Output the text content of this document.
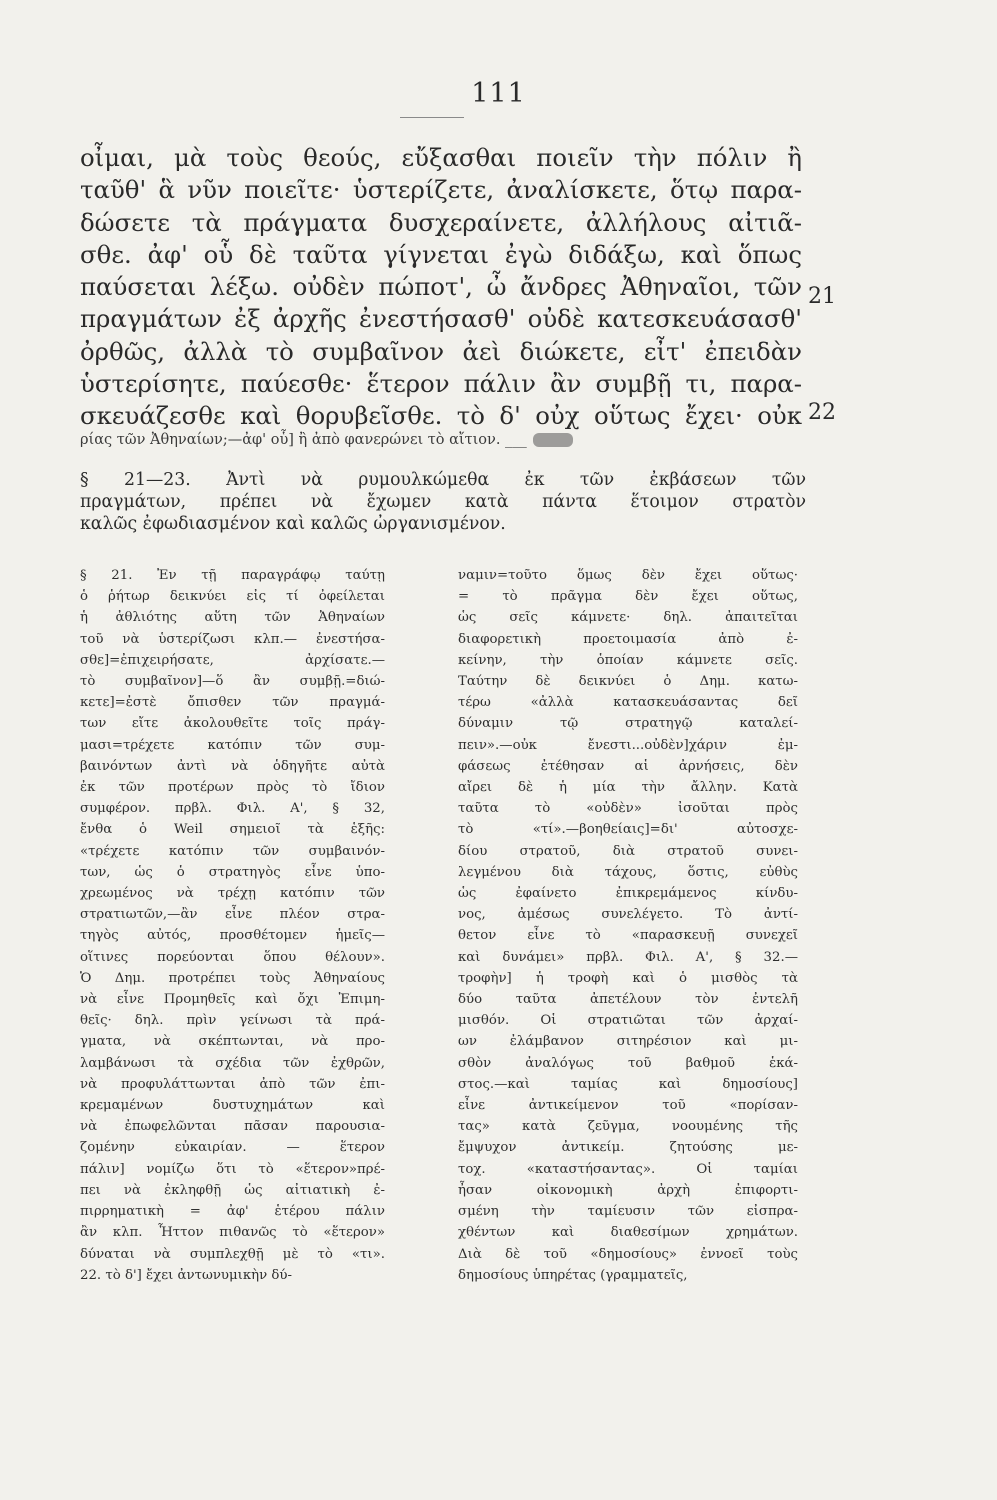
111
οἶμαι, μὰ τοὺς θεούς, εὔξασθαι ποιεῖν τὴν πόλιν ἢ
ταῦθ' ἃ νῦν ποιεῖτε· ὑστερίζετε, ἀναλίσκετε, ὅτῳ παρα-
δώσετε τὰ πράγματα δυσχεραίνετε, ἀλλήλους αἰτιᾶ-
σθε. ἀφ' οὗ δὲ ταῦτα γίγνεται ἐγὼ διδάξω, καὶ ὅπως
παύσεται λέξω. οὐδὲν πώποτ', ὦ ἄνδρες Ἀθηναῖοι, τῶν
πραγμάτων ἐξ ἀρχῆς ἐνεστήσασθ' οὐδὲ κατεσκευάσασθ'
ὀρθῶς, ἀλλὰ τὸ συμβαῖνον ἀεὶ διώκετε, εἶτ' ἐπειδὰν
ὑστερίσητε, παύεσθε· ἕτερον πάλιν ἂν συμβῇ τι, παρα-
σκευάζεσθε καὶ θορυβεῖσθε. τὸ δ' οὐχ οὕτως ἔχει· οὐκ
21
22
ρίας τῶν Ἀθηναίων;—ἀφ' οὗ] ἢ ἀπὸ φανερώνει τὸ αἴτιον. ___
§ 21—23. Ἀντὶ νὰ ρυμουλκώμεθα ἐκ τῶν ἐκβάσεων τῶν
πραγμάτων, πρέπει νὰ ἔχωμεν κατὰ πάντα ἕτοιμον στρατὸν
καλῶς ἐφωδιασμένον καὶ καλῶς ὠργανισμένον.
§ 21. Ἐν τῇ παραγράφῳ ταύτῃ
ὁ ῥήτωρ δεικνύει εἰς τί ὀφείλεται
ἡ ἀθλιότης αὕτη τῶν Ἀθηναίων
τοῦ νὰ ὑστερίζωσι κλπ.— ἐνεστήσα-
σθε]=ἐπιχειρήσατε, ἀρχίσατε.—
τὸ συμβαῖνον]—ὅ ἂν συμβῇ.=διώ-
κετε]=ἐστὲ ὄπισθεν τῶν πραγμά-
των εἴτε ἀκολουθεῖτε τοῖς πράγ-
μασι=τρέχετε κατόπιν τῶν συμ-
βαινόντων ἀντὶ νὰ ὁδηγῆτε αὐτὰ
ἐκ τῶν προτέρων πρὸς τὸ ἴδιον
συμφέρον. πρβλ. Φιλ. Α', § 32,
ἔνθα ὁ Weil σημειοῖ τὰ ἑξῆς:
«τρέχετε κατόπιν τῶν συμβαινόν-
των, ὡς ὁ στρατηγὸς εἶνε ὑπο-
χρεωμένος νὰ τρέχῃ κατόπιν τῶν
στρατιωτῶν,—ἂν εἶνε πλέον στρα-
τηγὸς αὐτός, προσθέτομεν ἡμεῖς—
οἵτινες πορεύονται ὅπου θέλουν».
Ὁ Δημ. προτρέπει τοὺς Ἀθηναίους
νὰ εἶνε Προμηθεῖς καὶ ὄχι Ἐπιμη-
θεῖς· δηλ. πρὶν γείνωσι τὰ πρά-
γματα, νὰ σκέπτωνται, νὰ προ-
λαμβάνωσι τὰ σχέδια τῶν ἐχθρῶν,
νὰ προφυλάττωνται ἀπὸ τῶν ἐπι-
κρεμαμένων δυστυχημάτων καὶ
νὰ ἐπωφελῶνται πᾶσαν παρουσια-
ζομένην εὐκαιρίαν. — ἕτερον
πάλιν] νομίζω ὅτι τὸ «ἕτερον»πρέ-
πει νὰ ἐκληφθῇ ὡς αἰτιατικὴ ἐ-
πιρρηματικὴ = ἀφ' ἑτέρου πάλιν
ἂν κλπ. Ἧττον πιθανῶς τὸ «ἕτερον»
δύναται νὰ συμπλεχθῇ μὲ τὸ «τι».
22. τὸ δ'] ἔχει ἀντωνυμικὴν δύ-
ναμιν=τοῦτο ὅμως δὲν ἔχει οὕτως·
= τὸ πρᾶγμα δὲν ἔχει οὕτως,
ὡς σεῖς κάμνετε· δηλ. ἀπαιτεῖται
διαφορετικὴ προετοιμασία ἀπὸ ἐ-
κείνην, τὴν ὁποίαν κάμνετε σεῖς.
Ταύτην δὲ δεικνύει ὁ Δημ. κατω-
τέρω «ἀλλὰ κατασκευάσαντας δεῖ
δύναμιν τῷ στρατηγῷ καταλεί-
πειν».—οὐκ ἔνεστι...οὐδὲν]χάριν ἐμ-
φάσεως ἐτέθησαν αἱ ἀρνήσεις, δὲν
αἴρει δὲ ἡ μία τὴν ἄλλην. Κατὰ
ταῦτα τὸ «οὐδὲν» ἰσοῦται πρὸς
τὸ «τί».—βοηθείαις]=δι' αὐτοσχε-
δίου στρατοῦ, διὰ στρατοῦ συνει-
λεγμένου διὰ τάχους, ὅστις, εὐθὺς
ὡς ἐφαίνετο ἐπικρεμάμενος κίνδυ-
νος, ἀμέσως συνελέγετο. Τὸ ἀντί-
θετον εἶνε τὸ «παρασκευῇ συνεχεῖ
καὶ δυνάμει» πρβλ. Φιλ. Α', § 32.—
τροφὴν] ἡ τροφὴ καὶ ὁ μισθὸς τὰ
δύο ταῦτα ἀπετέλουν τὸν ἐντελῆ
μισθόν. Οἱ στρατιῶται τῶν ἀρχαί-
ων ἐλάμβανον σιτηρέσιον καὶ μι-
σθὸν ἀναλόγως τοῦ βαθμοῦ ἑκά-
στος.—καὶ ταμίας καὶ δημοσίους]
εἶνε ἀντικείμενον τοῦ «πορίσαν-
τας» κατὰ ζεῦγμα, νοουμένης τῆς
ἔμψυχον ἀντικείμ. ζητούσης με-
τοχ. «καταστήσαντας». Οἱ ταμίαι
ἦσαν οἰκονομικὴ ἀρχὴ ἐπιφορτι-
σμένη τὴν ταμίευσιν τῶν εἰσπρα-
χθέντων καὶ διαθεσίμων χρημάτων.
Διὰ δὲ τοῦ «δημοσίους» ἐννοεῖ τοὺς
δημοσίους ὑπηρέτας (γραμματεῖς,
